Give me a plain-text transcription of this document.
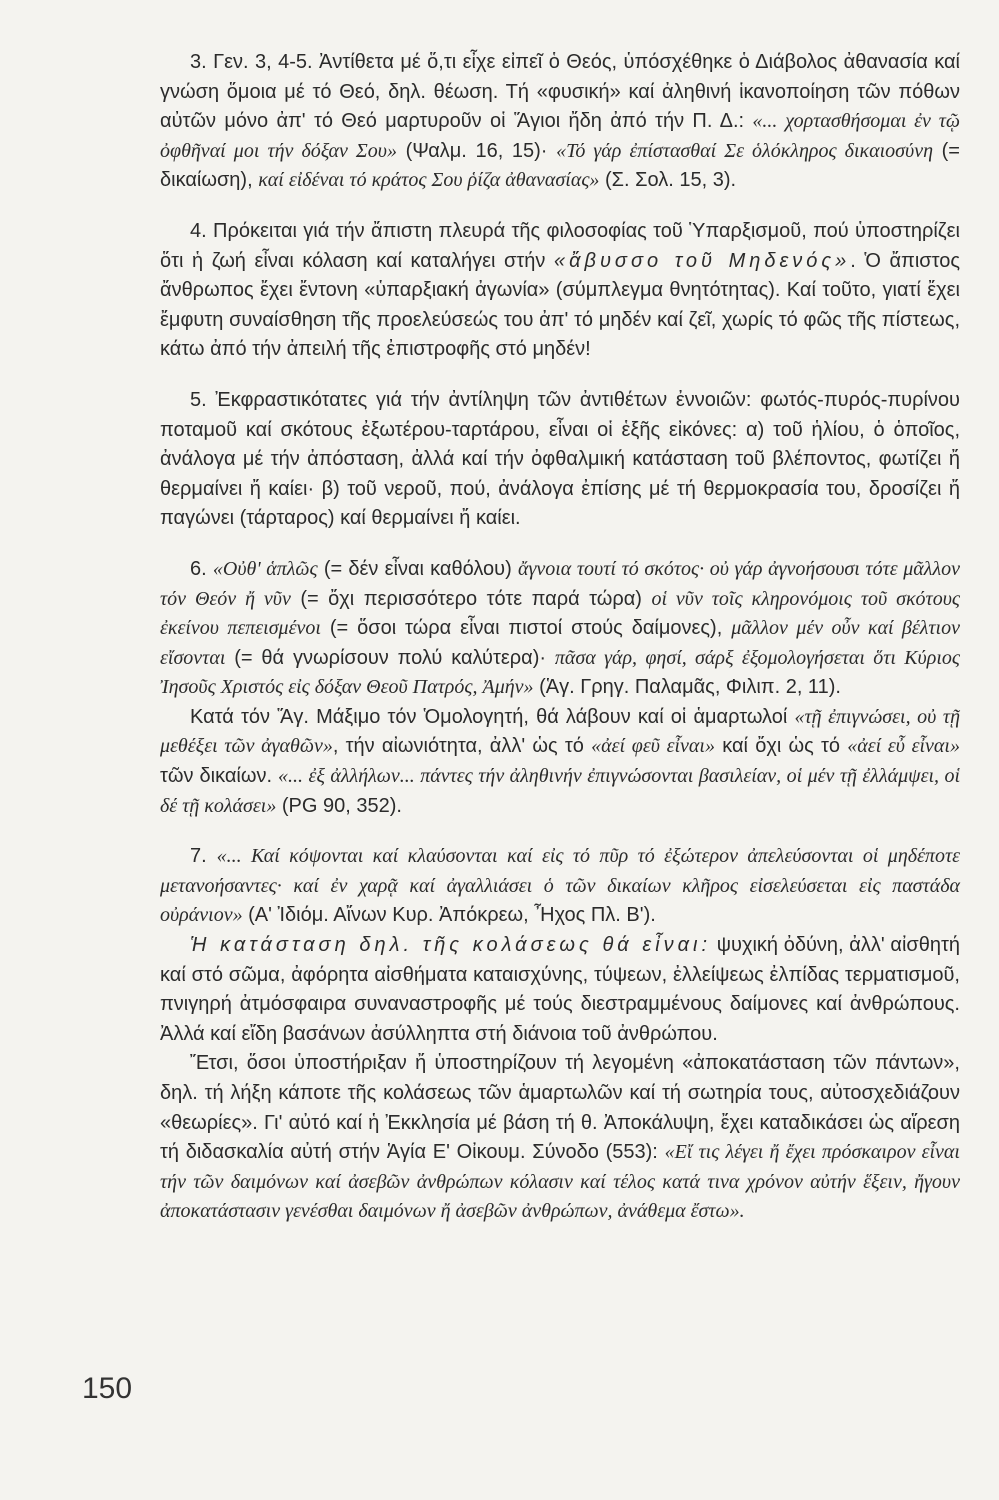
3. Γεν. 3, 4-5. Ἀντίθετα μέ ὅ,τι εἶχε εἰπεῖ ὁ Θεός, ὑπόσχέθηκε ὁ Διάβολος ἀθανασία καί γνώση ὅμοια μέ τό Θεό, δηλ. θέωση. Τή «φυσική» καί ἀληθινή ἱκανοποίηση τῶν πόθων αὐτῶν μόνο ἀπ' τό Θεό μαρτυροῦν οἱ Ἅγιοι ἤδη ἀπό τήν Π. Δ.: «... χορτασθήσομαι ἐν τῷ ὀφθῆναί μοι τήν δόξαν Σου» (Ψαλμ. 16, 15)· «Τό γάρ ἐπίστασθαί Σε ὁλόκληρος δικαιοσύνη (= δικαίωση), καί εἰδέναι τό κράτος Σου ῥίζα ἀθανασίας» (Σ. Σολ. 15, 3).

4. Πρόκειται γιά τήν ἄπιστη πλευρά τῆς φιλοσοφίας τοῦ Ὑπαρξισμοῦ, πού ὑποστηρίζει ὅτι ἡ ζωή εἶναι κόλαση καί καταλήγει στήν «ἄβυσσο τοῦ Μηδενός». Ὁ ἄπιστος ἄνθρωπος ἔχει ἔντονη «ὑπαρξιακή ἀγωνία» (σύμπλεγμα θνητότητας). Καί τοῦτο, γιατί ἔχει ἔμφυτη συναίσθηση τῆς προελεύσεώς του ἀπ' τό μηδέν καί ζεῖ, χωρίς τό φῶς τῆς πίστεως, κάτω ἀπό τήν ἀπειλή τῆς ἐπιστροφῆς στό μηδέν!

5. Ἐκφραστικότατες γιά τήν ἀντίληψη τῶν ἀντιθέτων ἐννοιῶν: φωτός-πυρός-πυρίνου ποταμοῦ καί σκότους ἐξωτέρου-ταρτάρου, εἶναι οἱ ἑξῆς εἰκόνες: α) τοῦ ἡλίου, ὁ ὁποῖος, ἀνάλογα μέ τήν ἀπόσταση, ἀλλά καί τήν ὀφθαλμική κατάσταση τοῦ βλέποντος, φωτίζει ἤ θερμαίνει ἤ καίει· β) τοῦ νεροῦ, πού, ἀνάλογα ἐπίσης μέ τή θερμοκρασία του, δροσίζει ἤ παγώνει (τάρταρος) καί θερμαίνει ἤ καίει.

6. «Οὐθ' ἁπλῶς (= δέν εἶναι καθόλου) ἄγνοια τουτί τό σκότος· οὐ γάρ ἀγνοήσουσι τότε μᾶλλον τόν Θεόν ἤ νῦν (= ὄχι περισσότερο τότε παρά τώρα) οἱ νῦν τοῖς κληρονόμοις τοῦ σκότους ἐκείνου πεπεισμένοι (= ὅσοι τώρα εἶναι πιστοί στούς δαίμονες), μᾶλλον μέν οὖν καί βέλτιον εἴσονται (= θά γνωρίσουν πολύ καλύτερα)· πᾶσα γάρ, φησί, σάρξ ἐξομολογήσεται ὅτι Κύριος Ἰησοῦς Χριστός εἰς δόξαν Θεοῦ Πατρός, Ἀμήν» (Ἁγ. Γρηγ. Παλαμᾶς, Φιλιπ. 2, 11).

Κατά τόν Ἅγ. Μάξιμο τόν Ὁμολογητή, θά λάβουν καί οἱ ἁμαρτωλοί «τῇ ἐπιγνώσει, οὐ τῇ μεθέξει τῶν ἀγαθῶν», τήν αἰωνιότητα, ἀλλ' ὡς τό «ἀεί φεῦ εἶναι» καί ὄχι ὡς τό «ἀεί εὖ εἶναι» τῶν δικαίων. «... ἐξ ἀλλήλων... πάντες τήν ἀληθινήν ἐπιγνώσονται βασιλείαν, οἱ μέν τῇ ἐλλάμψει, οἱ δέ τῇ κολάσει» (PG 90, 352).

7. «... Καί κόψονται καί κλαύσονται καί εἰς τό πῦρ τό ἐξώτερον ἀπελεύσονται οἱ μηδέποτε μετανοήσαντες· καί ἐν χαρᾷ καί ἀγαλλιάσει ὁ τῶν δικαίων κλῆρος εἰσελεύσεται εἰς παστάδα οὐράνιον» (Α' Ἰδιόμ. Αἴνων Κυρ. Ἀπόκρεω, Ἦχος Πλ. Β').

Ἡ κατάσταση δηλ. τῆς κολάσεως θά εἶναι: ψυχική ὀδύνη, ἀλλ' αἰσθητή καί στό σῶμα, ἀφόρητα αἰσθήματα καταισχύνης, τύψεων, ἐλλείψεως ἐλπίδας τερματισμοῦ, πνιγηρή ἀτμόσφαιρα συναναστροφῆς μέ τούς διεστραμμένους δαίμονες καί ἀνθρώπους. Ἀλλά καί εἴδη βασάνων ἀσύλληπτα στή διάνοια τοῦ ἀνθρώπου.

Ἔτσι, ὅσοι ὑποστήριξαν ἤ ὑποστηρίζουν τή λεγομένη «ἀποκατάσταση τῶν πάντων», δηλ. τή λήξη κάποτε τῆς κολάσεως τῶν ἁμαρτωλῶν καί τή σωτηρία τους, αὐτοσχεδιάζουν «θεωρίες». Γι' αὐτό καί ἡ Ἐκκλησία μέ βάση τή θ. Ἀποκάλυψη, ἔχει καταδικάσει ὡς αἵρεση τή διδασκαλία αὐτή στήν Ἁγία Ε' Οἰκουμ. Σύνοδο (553): «Εἴ τις λέγει ἤ ἔχει πρόσκαιρον εἶναι τήν τῶν δαιμόνων καί ἀσεβῶν ἀνθρώπων κόλασιν καί τέλος κατά τινα χρόνον αὐτήν ἕξειν, ἤγουν ἀποκατάστασιν γενέσθαι δαιμόνων ἤ ἀσεβῶν ἀνθρώπων, ἀνάθεμα ἔστω».

150
